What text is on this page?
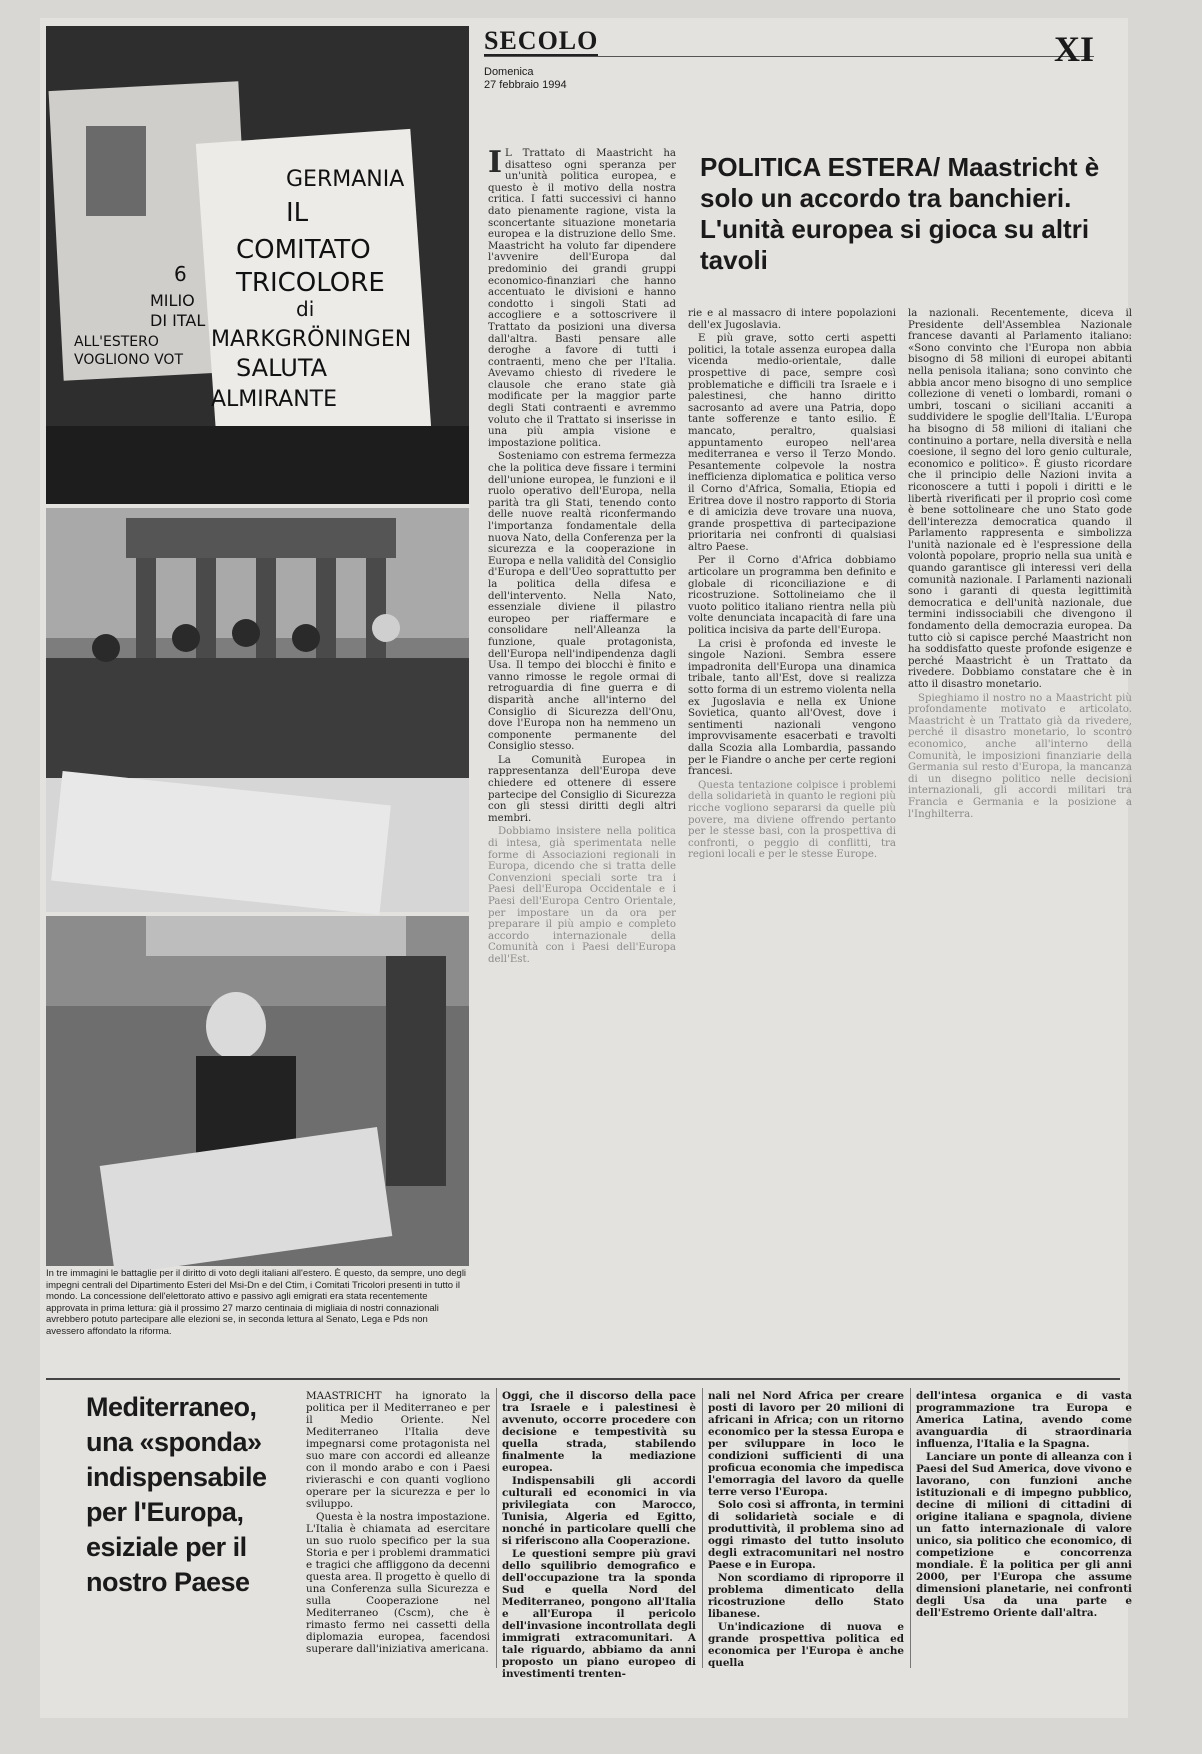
SECOLO
Domenica
27 febbraio 1994
XI
GERMANIA
IL
COMITATO
TRICOLORE
di
MARKGRÖNINGEN
SALUTA
ALMIRANTE
6
MILIO
DI ITAL
ALL'ESTERO
VOGLIONO VOT
In tre immagini le battaglie per il diritto di voto degli italiani all'estero. È questo, da sempre, uno degli impegni centrali del Dipartimento Esteri del Msi-Dn e del Ctim, i Comitati Tricolori presenti in tutto il mondo. La concessione dell'elettorato attivo e passivo agli emigrati era stata recentemente approvata in prima lettura: già il prossimo 27 marzo centinaia di migliaia di nostri connazionali avrebbero potuto partecipare alle elezioni se, in seconda lettura al Senato, Lega e Pds non avessero affondato la riforma.
POLITICA ESTERA/ Maastricht è solo un accordo tra banchieri. L'unità europea si gioca su altri tavoli

I L Trattato di Maastricht ha disatteso ogni speranza per un'unità politica europea, e questo è il motivo della nostra critica. I fatti successivi ci hanno dato pienamente ragione, vista la sconcertante situazione monetaria europea e la distruzione dello Sme. Maastricht ha voluto far dipendere l'avvenire dell'Europa dal predominio dei grandi gruppi economico-finanziari che hanno accentuato le divisioni e hanno condotto i singoli Stati ad accogliere e a sottoscrivere il Trattato da posizioni una diversa dall'altra. Basti pensare alle deroghe a favore di tutti i contraenti, meno che per l'Italia. Avevamo chiesto di rivedere le clausole che erano state già modificate per la maggior parte degli Stati contraenti e avremmo voluto che il Trattato si inserisse in una più ampia visione e impostazione politica.

Sosteniamo con estrema fermezza che la politica deve fissare i termini dell'unione europea, le funzioni e il ruolo operativo dell'Europa, nella parità tra gli Stati, tenendo conto delle nuove realtà riconfermando l'importanza fondamentale della nuova Nato, della Conferenza per la sicurezza e la cooperazione in Europa e nella validità del Consiglio d'Europa e dell'Ueo soprattutto per la politica della difesa e dell'intervento. Nella Nato, essenziale diviene il pilastro europeo per riaffermare e consolidare nell'Alleanza la funzione, quale protagonista, dell'Europa nell'indipendenza dagli Usa. Il tempo dei blocchi è finito e vanno rimosse le regole ormai di retroguardia di fine guerra e di disparità anche all'interno del Consiglio di Sicurezza dell'Onu, dove l'Europa non ha nemmeno un componente permanente del Consiglio stesso.

La Comunità Europea in rappresentanza dell'Europa deve chiedere ed ottenere di essere partecipe del Consiglio di Sicurezza con gli stessi diritti degli altri membri.

Dobbiamo insistere nella politica di intesa, già sperimentata nelle forme di Associazioni regionali in Europa, dicendo che si tratta delle Convenzioni speciali sorte tra i Paesi dell'Europa Occidentale e i Paesi dell'Europa Centro Orientale, per impostare un da ora per preparare il più ampio e completo accordo internazionale della Comunità con i Paesi dell'Europa dell'Est.

rie e al massacro di intere popolazioni dell'ex Jugoslavia.

E più grave, sotto certi aspetti politici, la totale assenza europea dalla vicenda medio-orientale, dalle prospettive di pace, sempre così problematiche e difficili tra Israele e i palestinesi, che hanno diritto sacrosanto ad avere una Patria, dopo tante sofferenze e tanto esilio. È mancato, peraltro, qualsiasi appuntamento europeo nell'area mediterranea e verso il Terzo Mondo. Pesantemente colpevole la nostra inefficienza diplomatica e politica verso il Corno d'Africa, Somalia, Etiopia ed Eritrea dove il nostro rapporto di Storia e di amicizia deve trovare una nuova, grande prospettiva di partecipazione prioritaria nei confronti di qualsiasi altro Paese.

Per il Corno d'Africa dobbiamo articolare un programma ben definito e globale di riconciliazione e di ricostruzione. Sottolineiamo che il vuoto politico italiano rientra nella più volte denunciata incapacità di fare una politica incisiva da parte dell'Europa.

La crisi è profonda ed investe le singole Nazioni. Sembra essere impadronita dell'Europa una dinamica tribale, tanto all'Est, dove si realizza sotto forma di un estremo violenta nella ex Jugoslavia e nella ex Unione Sovietica, quanto all'Ovest, dove i sentimenti nazionali vengono improvvisamente esacerbati e travolti dalla Scozia alla Lombardia, passando per le Fiandre o anche per certe regioni francesi.

Questa tentazione colpisce i problemi della solidarietà in quanto le regioni più ricche vogliono separarsi da quelle più povere, ma diviene offrendo pertanto per le stesse basi, con la prospettiva di confronti, o peggio di conflitti, tra regioni locali e per le stesse Europe.

la nazionali. Recentemente, diceva il Presidente dell'Assemblea Nazionale francese davanti al Parlamento italiano: «Sono convinto che l'Europa non abbia bisogno di 58 milioni di europei abitanti nella penisola italiana; sono convinto che abbia ancor meno bisogno di uno semplice collezione di veneti o lombardi, romani o umbri, toscani o siciliani accaniti a suddividere le spoglie dell'Italia. L'Europa ha bisogno di 58 milioni di italiani che continuino a portare, nella diversità e nella coesione, il segno del loro genio culturale, economico e politico». È giusto ricordare che il principio delle Nazioni invita a riconoscere a tutti i popoli i diritti e le libertà riverificati per il proprio così come è bene sottolineare che uno Stato gode dell'interezza democratica quando il Parlamento rappresenta e simbolizza l'unità nazionale ed è l'espressione della volontà popolare, proprio nella sua unità e quando garantisce gli interessi veri della comunità nazionale. I Parlamenti nazionali sono i garanti di questa legittimità democratica e dell'unità nazionale, due termini indissociabili che divengono il fondamento della democrazia europea. Da tutto ciò si capisce perché Maastricht non ha soddisfatto queste profonde esigenze e perché Maastricht è un Trattato da rivedere. Dobbiamo constatare che è in atto il disastro monetario.

Spieghiamo il nostro no a Maastricht più profondamente motivato e articolato. Maastricht è un Trattato già da rivedere, perché il disastro monetario, lo scontro economico, anche all'interno della Comunità, le imposizioni finanziarie della Germania sul resto d'Europa, la mancanza di un disegno politico nelle decisioni internazionali, gli accordi militari tra Francia e Germania e la posizione a l'Inghilterra.

Mediterraneo, una «sponda» indispensabile per l'Europa, esiziale per il nostro Paese

MAASTRICHT ha ignorato la politica per il Mediterraneo e per il Medio Oriente. Nel Mediterraneo l'Italia deve impegnarsi come protagonista nel suo mare con accordi ed alleanze con il mondo arabo e con i Paesi rivieraschi e con quanti vogliono operare per la sicurezza e per lo sviluppo.

Questa è la nostra impostazione. L'Italia è chiamata ad esercitare un suo ruolo specifico per la sua Storia e per i problemi drammatici e tragici che affliggono da decenni questa area. Il progetto è quello di una Conferenza sulla Sicurezza e sulla Cooperazione nel Mediterraneo (Cscm), che è rimasto fermo nei cassetti della diplomazia europea, facendosi superare dall'iniziativa americana.

Oggi, che il discorso della pace tra Israele e i palestinesi è avvenuto, occorre procedere con decisione e tempestività su quella strada, stabilendo finalmente la mediazione europea.

Indispensabili gli accordi culturali ed economici in via privilegiata con Marocco, Tunisia, Algeria ed Egitto, nonché in particolare quelli che si riferiscono alla Cooperazione.

Le questioni sempre più gravi dello squilibrio demografico e dell'occupazione tra la sponda Sud e quella Nord del Mediterraneo, pongono all'Italia e all'Europa il pericolo dell'invasione incontrollata degli immigrati extracomunitari. A tale riguardo, abbiamo da anni proposto un piano europeo di investimenti trenten-

nali nel Nord Africa per creare posti di lavoro per 20 milioni di africani in Africa; con un ritorno economico per la stessa Europa e per sviluppare in loco le condizioni sufficienti di una proficua economia che impedisca l'emorragia del lavoro da quelle terre verso l'Europa.

Solo così si affronta, in termini di solidarietà sociale e di produttività, il problema sino ad oggi rimasto del tutto insoluto degli extracomunitari nel nostro Paese e in Europa.

Non scordiamo di riproporre il problema dimenticato della ricostruzione dello Stato libanese.

Un'indicazione di nuova e grande prospettiva politica ed economica per l'Europa è anche quella

dell'intesa organica e di vasta programmazione tra Europa e America Latina, avendo come avanguardia di straordinaria influenza, l'Italia e la Spagna.

Lanciare un ponte di alleanza con i Paesi del Sud America, dove vivono e lavorano, con funzioni anche istituzionali e di impegno pubblico, decine di milioni di cittadini di origine italiana e spagnola, diviene un fatto internazionale di valore unico, sia politico che economico, di competizione e concorrenza mondiale. È la politica per gli anni 2000, per l'Europa che assume dimensioni planetarie, nei confronti degli Usa da una parte e dell'Estremo Oriente dall'altra.
